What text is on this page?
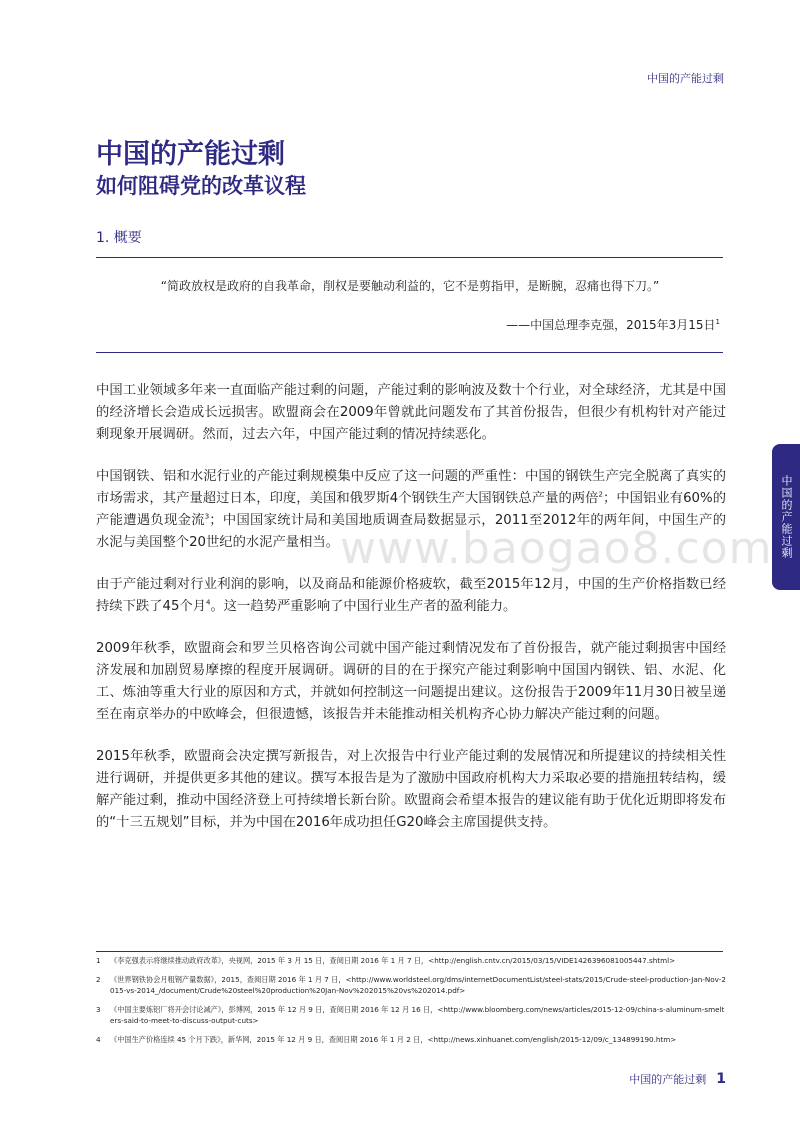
中国的产能过剩
中国的产能过剩
如何阻碍党的改革议程
1. 概要

“简政放权是政府的自我革命，削权是要触动利益的，它不是剪指甲，是断腕，忍痛也得下刀。”

——中国总理李克强，2015年3月15日$^1$

中国工业领域多年来一直面临产能过剩的问题，产能过剩的影响波及数十个行业，对全球经济，尤其是中国的经济增长会造成长远损害。欧盟商会在2009年曾就此问题发布了其首份报告，但很少有机构针对产能过剩现象开展调研。然而，过去六年，中国产能过剩的情况持续恶化。

中国钢铁、铝和水泥行业的产能过剩规模集中反应了这一问题的严重性：中国的钢铁生产完全脱离了真实的市场需求，其产量超过日本，印度，美国和俄罗斯4个钢铁生产大国钢铁总产量的两倍$^2$；中国铝业有60%的产能遭遇负现金流$^3$；中国国家统计局和美国地质调查局数据显示，2011至2012年的两年间，中国生产的水泥与美国整个20世纪的水泥产量相当。

由于产能过剩对行业利润的影响，以及商品和能源价格疲软，截至2015年12月，中国的生产价格指数已经持续下跌了45个月$^4$。这一趋势严重影响了中国行业生产者的盈利能力。

2009年秋季，欧盟商会和罗兰贝格咨询公司就中国产能过剩情况发布了首份报告，就产能过剩损害中国经济发展和加剧贸易摩擦的程度开展调研。调研的目的在于探究产能过剩影响中国国内钢铁、铝、水泥、化工、炼油等重大行业的原因和方式，并就如何控制这一问题提出建议。这份报告于2009年11月30日被呈递至在南京举办的中欧峰会，但很遗憾，该报告并未能推动相关机构齐心协力解决产能过剩的问题。

2015年秋季，欧盟商会决定撰写新报告，对上次报告中行业产能过剩的发展情况和所提建议的持续相关性进行调研，并提供更多其他的建议。撰写本报告是为了激励中国政府机构大力采取必要的措施扭转结构，缓解产能过剩，推动中国经济登上可持续增长新台阶。欧盟商会希望本报告的建议能有助于优化近期即将发布的“十三五规划”目标，并为中国在2016年成功担任G20峰会主席国提供支持。

www.baogao8.com 中国的产能过剩
1	《李克强表示将继续推动政府改革》，央视网，2015 年 3 月 15 日，查阅日期 2016 年 1 月 7 日，<http://english.cntv.cn/2015/03/15/VIDE1426396081005447.shtml>
2	《世界钢铁协会月粗钢产量数据》，2015，查阅日期 2016 年 1 月 7 日，<http://www.worldsteel.org/dms/internetDocumentList/steel-stats/2015/Crude-steel-production-Jan-Nov-2015-vs-2014_/document/Crude%20steel%20production%20Jan-Nov%202015%20vs%202014.pdf>
3	《中国主要炼铝厂将开会讨论减产》，彭博网，2015 年 12 月 9 日，查阅日期 2016 年 12 月 16 日，<http://www.bloomberg.com/news/articles/2015-12-09/china-s-aluminum-smelters-said-to-meet-to-discuss-output-cuts>
4	《中国生产价格连续 45 个月下跌》，新华网，2015 年 12 月 9 日，查阅日期 2016 年 1 月 2 日，<http://news.xinhuanet.com/english/2015-12/09/c_134899190.htm>
中国的产能过剩 1
